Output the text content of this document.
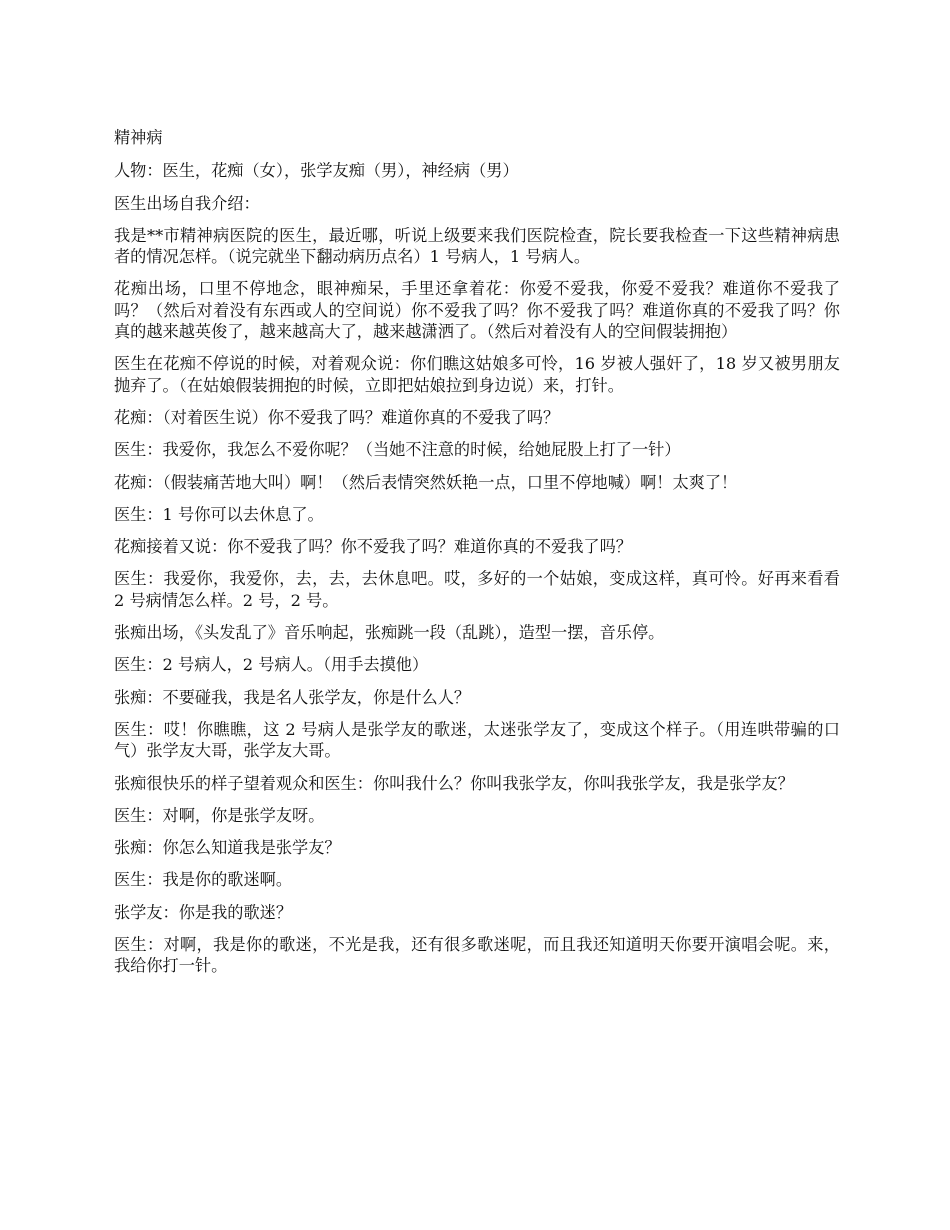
精神病

人物：医生，花痴（女），张学友痴（男），神经病（男）

医生出场自我介绍：

我是**市精神病医院的医生，最近哪，听说上级要来我们医院检查，院长要我检查一下这些精神病患者的情况怎样。（说完就坐下翻动病历点名）1 号病人，1 号病人。

花痴出场，口里不停地念，眼神痴呆，手里还拿着花：你爱不爱我，你爱不爱我？难道你不爱我了吗？（然后对着没有东西或人的空间说）你不爱我了吗？你不爱我了吗？难道你真的不爱我了吗？你真的越来越英俊了，越来越高大了，越来越潇洒了。（然后对着没有人的空间假装拥抱）

医生在花痴不停说的时候，对着观众说：你们瞧这姑娘多可怜，16 岁被人强奸了，18 岁又被男朋友抛弃了。（在姑娘假装拥抱的时候，立即把姑娘拉到身边说）来，打针。

花痴：（对着医生说）你不爱我了吗？难道你真的不爱我了吗？

医生：我爱你，我怎么不爱你呢？（当她不注意的时候，给她屁股上打了一针）

花痴：（假装痛苦地大叫）啊！（然后表情突然妖艳一点，口里不停地喊）啊！太爽了！

医生：1 号你可以去休息了。

花痴接着又说：你不爱我了吗？你不爱我了吗？难道你真的不爱我了吗？

医生：我爱你，我爱你，去，去，去休息吧。哎，多好的一个姑娘，变成这样，真可怜。好再来看看 2 号病情怎么样。2 号，2 号。

张痴出场，《头发乱了》音乐响起，张痴跳一段（乱跳），造型一摆，音乐停。

医生：2 号病人，2 号病人。（用手去摸他）

张痴：不要碰我，我是名人张学友，你是什么人？

医生：哎！你瞧瞧，这 2 号病人是张学友的歌迷，太迷张学友了，变成这个样子。（用连哄带骗的口气）张学友大哥，张学友大哥。

张痴很快乐的样子望着观众和医生：你叫我什么？你叫我张学友，你叫我张学友，我是张学友？

医生：对啊，你是张学友呀。

张痴：你怎么知道我是张学友？

医生：我是你的歌迷啊。

张学友：你是我的歌迷？

医生：对啊，我是你的歌迷，不光是我，还有很多歌迷呢，而且我还知道明天你要开演唱会呢。来，我给你打一针。
